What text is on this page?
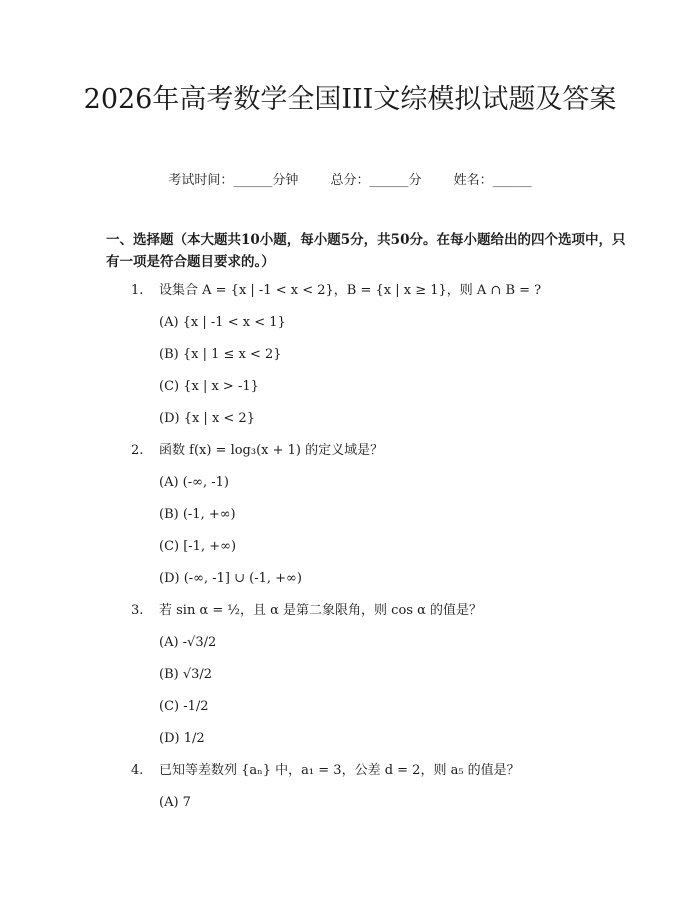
2026年高考数学全国III文综模拟试题及答案
考试时间：______分钟 总分：______分 姓名：______
一、选择题（本大题共10小题，每小题5分，共50分。在每小题给出的四个选项中，只有一项是符合题目要求的。）
1. 设集合 A = {x | -1 < x < 2}，B = {x | x ≥ 1}，则 A ∩ B = ?
(A) {x | -1 < x < 1}
(B) {x | 1 ≤ x < 2}
(C) {x | x > -1}
(D) {x | x < 2}
2. 函数 f(x) = log₃(x + 1) 的定义域是？
(A) (-∞, -1)
(B) (-1, +∞)
(C) [-1, +∞)
(D) (-∞, -1] ∪ (-1, +∞)
3. 若 sin α = ½，且 α 是第二象限角，则 cos α 的值是？
(A) -√3/2
(B) √3/2
(C) -1/2
(D) 1/2
4. 已知等差数列 {aₙ} 中，a₁ = 3，公差 d = 2，则 a₅ 的值是？
(A) 7
